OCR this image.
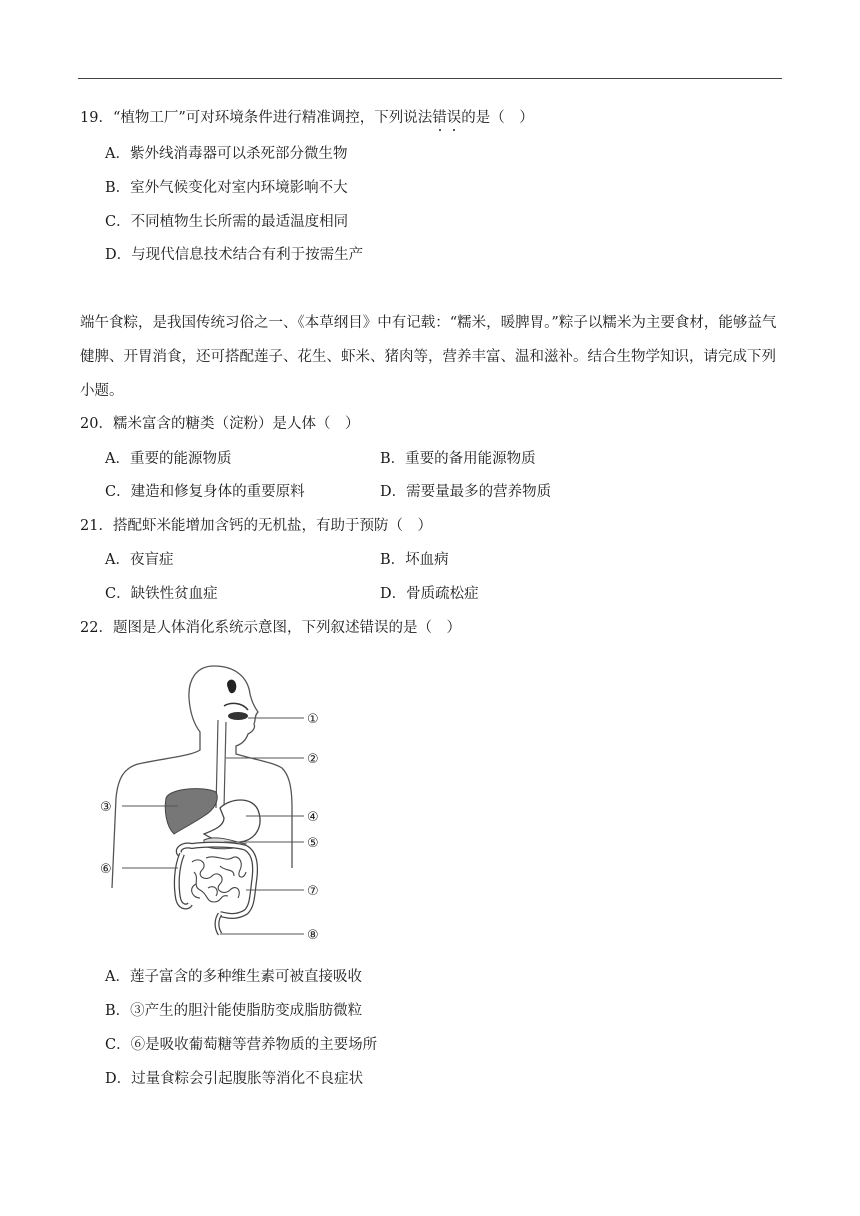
19．“植物工厂”可对环境条件进行精准调控，下列说法错误的是（　）
A．紫外线消毒器可以杀死部分微生物
B．室外气候变化对室内环境影响不大
C．不同植物生长所需的最适温度相同
D．与现代信息技术结合有利于按需生产
端午食粽，是我国传统习俗之一、《本草纲目》中有记载：“糯米，暖脾胃。”粽子以糯米为主要食材，能够益气健脾、开胃消食，还可搭配莲子、花生、虾米、猪肉等，营养丰富、温和滋补。结合生物学知识，请完成下列小题。
20．糯米富含的糖类（淀粉）是人体（　）
A．重要的能源物质	B．重要的备用能源物质
C．建造和修复身体的重要原料	D．需要量最多的营养物质
21．搭配虾米能增加含钙的无机盐，有助于预防（　）
A．夜盲症	B．坏血病
C．缺铁性贫血症	D．骨质疏松症
22．题图是人体消化系统示意图，下列叙述错误的是（　）
①
②
③
④
⑤
⑥
⑦
⑧
A．莲子富含的多种维生素可被直接吸收
B．③产生的胆汁能使脂肪变成脂肪微粒
C．⑥是吸收葡萄糖等营养物质的主要场所
D．过量食粽会引起腹胀等消化不良症状
